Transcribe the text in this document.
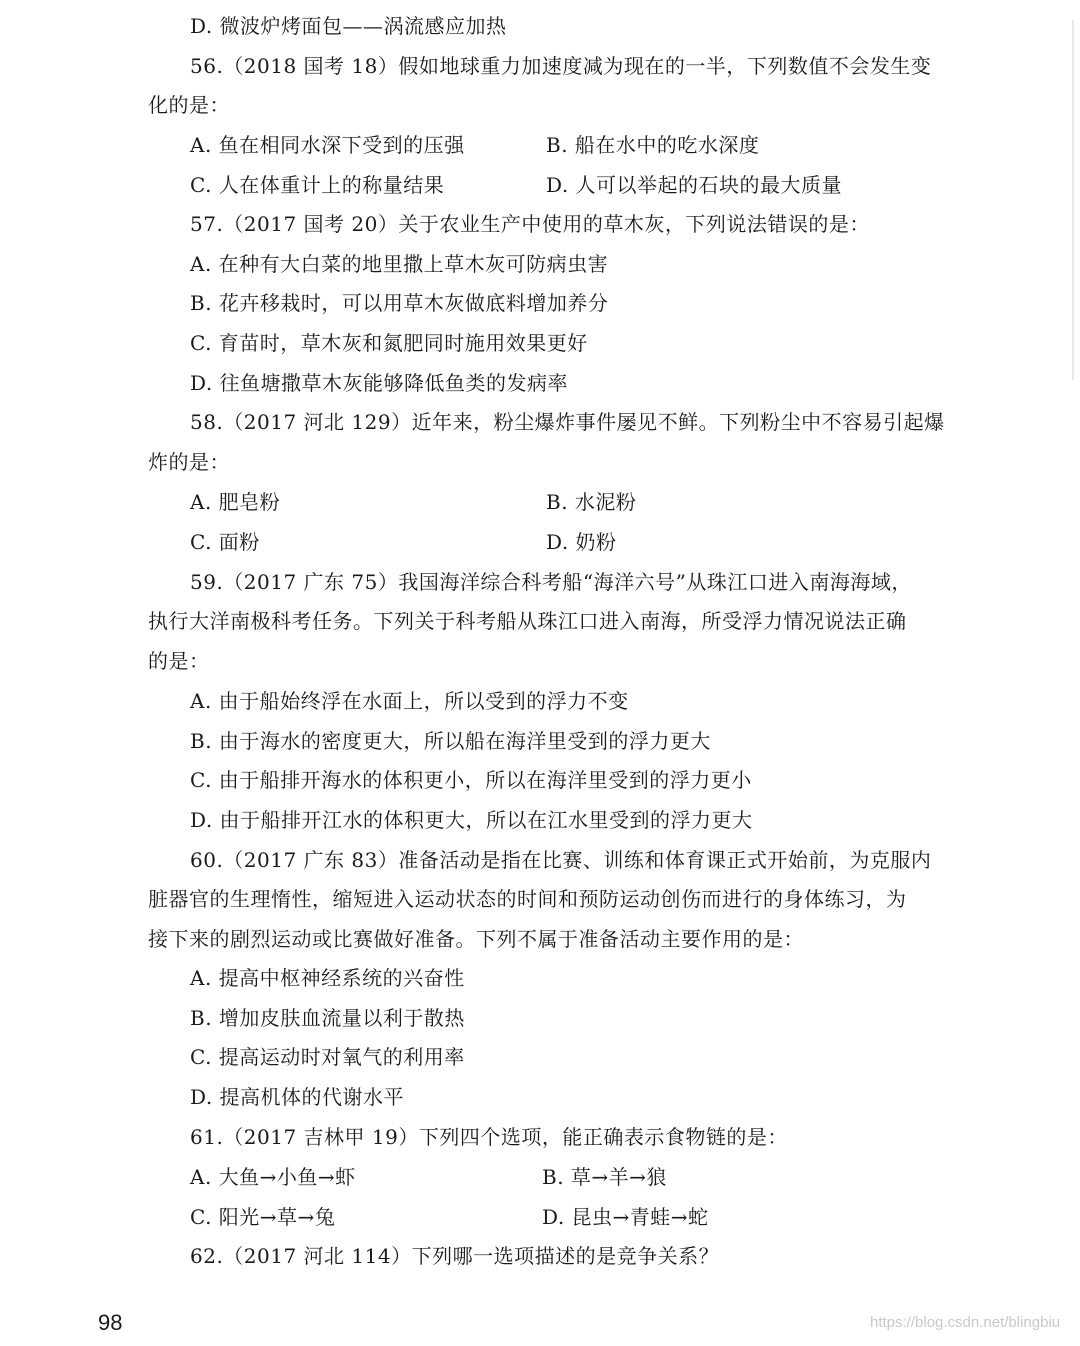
D. 微波炉烤面包——涡流感应加热
56.（2018 国考 18）假如地球重力加速度减为现在的一半，下列数值不会发生变
化的是：
A. 鱼在相同水深下受到的压强	B. 船在水中的吃水深度
C. 人在体重计上的称量结果	D. 人可以举起的石块的最大质量
57.（2017 国考 20）关于农业生产中使用的草木灰，下列说法错误的是：
A. 在种有大白菜的地里撒上草木灰可防病虫害
B. 花卉移栽时，可以用草木灰做底料增加养分
C. 育苗时，草木灰和氮肥同时施用效果更好
D. 往鱼塘撒草木灰能够降低鱼类的发病率
58.（2017 河北 129）近年来，粉尘爆炸事件屡见不鲜。下列粉尘中不容易引起爆
炸的是：
A. 肥皂粉	B. 水泥粉
C. 面粉	D. 奶粉
59.（2017 广东 75）我国海洋综合科考船“海洋六号”从珠江口进入南海海域，
执行大洋南极科考任务。下列关于科考船从珠江口进入南海，所受浮力情况说法正确
的是：
A. 由于船始终浮在水面上，所以受到的浮力不变
B. 由于海水的密度更大，所以船在海洋里受到的浮力更大
C. 由于船排开海水的体积更小，所以在海洋里受到的浮力更小
D. 由于船排开江水的体积更大，所以在江水里受到的浮力更大
60.（2017 广东 83）准备活动是指在比赛、训练和体育课正式开始前，为克服内
脏器官的生理惰性，缩短进入运动状态的时间和预防运动创伤而进行的身体练习，为
接下来的剧烈运动或比赛做好准备。下列不属于准备活动主要作用的是：
A. 提高中枢神经系统的兴奋性
B. 增加皮肤血流量以利于散热
C. 提高运动时对氧气的利用率
D. 提高机体的代谢水平
61.（2017 吉林甲 19）下列四个选项，能正确表示食物链的是：
A. 大鱼→小鱼→虾	B. 草→羊→狼
C. 阳光→草→兔	D. 昆虫→青蛙→蛇
62.（2017 河北 114）下列哪一选项描述的是竞争关系？
98	https://blog.csdn.net/blingbiu
